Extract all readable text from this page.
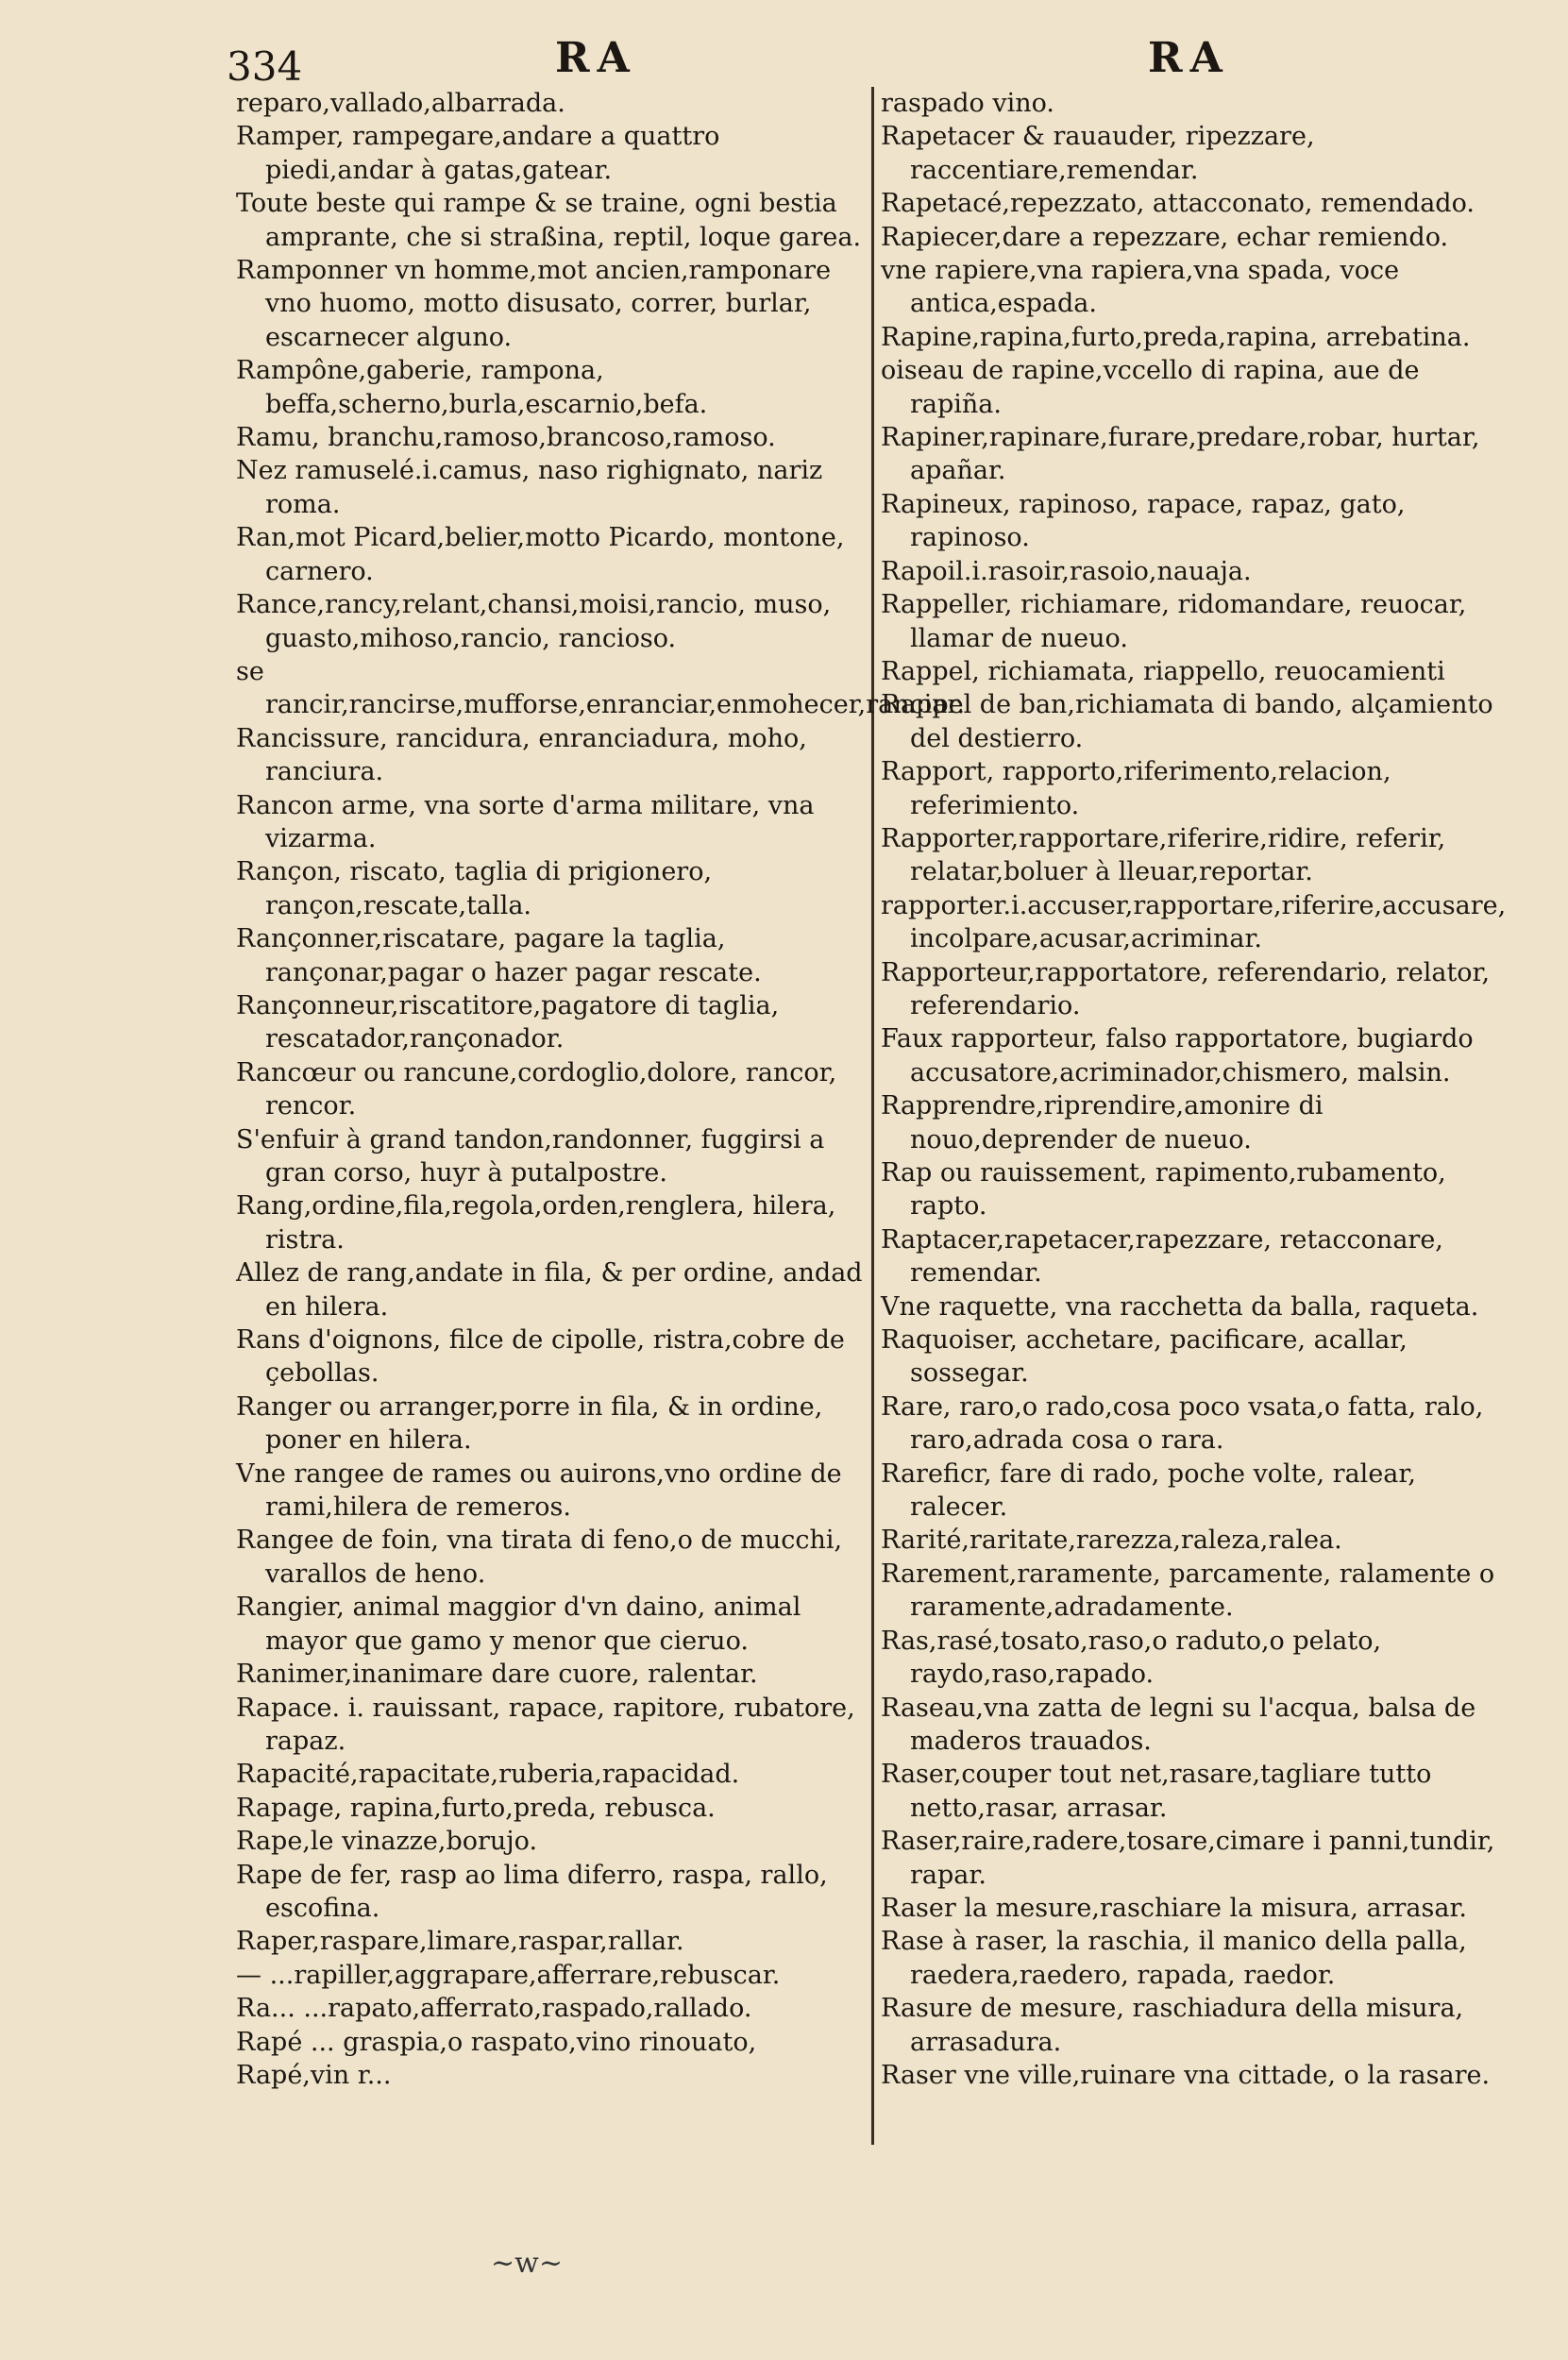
334	RA	RA
reparo,vallado,albarrada.
Ramper, rampegare,andare a quattro piedi,andar à gatas,gatear.
Toute beste qui rampe & se traine, ogni bestia amprante, che si straßina, reptil, loque garea.
Ramponner vn homme,mot ancien,ramponare vno huomo, motto disusato, correr, burlar, escarnecer alguno.
Rampône,gaberie, rampona, beffa,scherno,burla,escarnio,befa.
Ramu, branchu,ramoso,brancoso,ramoso.
Nez ramuselé.i.camus, naso righignato, nariz roma.
Ran,mot Picard,belier,motto Picardo, montone, carnero.
Rance,rancy,relant,chansi,moisi,rancio, muso, guasto,mihoso,rancio, rancioso.
se rancir,rancirse,mufforse,enranciar,enmohecer,ranciar.
Rancissure, rancidura, enranciadura, moho, ranciura.
Rancon arme, vna sorte d'arma militare, vna vizarma.
Rançon, riscato, taglia di prigionero, rançon,rescate,talla.
Rançonner,riscatare, pagare la taglia, rançonar,pagar o hazer pagar rescate.
Rançonneur,riscatitore,pagatore di taglia, rescatador,rançonador.
Rancœur ou rancune,cordoglio,dolore, rancor, rencor.
S'enfuir à grand tandon,randonner, fuggirsi a gran corso, huyr à putalpostre.
Rang,ordine,fila,regola,orden,renglera, hilera, ristra.
Allez de rang,andate in fila, & per ordine, andad en hilera.
Rans d'oignons, filce de cipolle, ristra,cobre de çebollas.
Ranger ou arranger,porre in fila, & in ordine, poner en hilera.
Vne rangee de rames ou auirons,vno ordine de rami,hilera de remeros.
Rangee de foin, vna tirata di feno,o de mucchi, varallos de heno.
Rangier, animal maggior d'vn daino, animal mayor que gamo y menor que cieruo.
Ranimer,inanimare dare cuore, ralentar.
Rapace. i. rauissant, rapace, rapitore, rubatore, rapaz.
Rapacité,rapacitate,ruberia,rapacidad.
Rapage, rapina,furto,preda, rebusca.
Rape,le vinazze,borujo.
Rape de fer, rasp ao lima diferro, raspa, rallo, escofina.
Raper,raspare,limare,raspar,rallar.
— ...rapiller,aggrapare,afferrare,rebuscar.
Ra... ...rapato,afferrato,raspado,rallado.
Rapé ... graspia,o raspato,vino rinouato,
Rapé,vin r...
raspado vino.
Rapetacer & rauauder, ripezzare, raccentiare,remendar.
Rapetacé,repezzato, attacconato, remendado.
Rapiecer,dare a repezzare, echar remiendo.
vne rapiere,vna rapiera,vna spada, voce antica,espada.
Rapine,rapina,furto,preda,rapina, arrebatina.
oiseau de rapine,vccello di rapina, aue de rapiña.
Rapiner,rapinare,furare,predare,robar, hurtar, apañar.
Rapineux, rapinoso, rapace, rapaz, gato, rapinoso.
Rapoil.i.rasoir,rasoio,nauaja.
Rappeller, richiamare, ridomandare, reuocar, llamar de nueuo.
Rappel, richiamata, riappello, reuocamienti
Rappel de ban,richiamata di bando, alçamiento del destierro.
Rapport, rapporto,riferimento,relacion, referimiento.
Rapporter,rapportare,riferire,ridire, referir, relatar,boluer à lleuar,reportar.
rapporter.i.accuser,rapportare,riferire,accusare, incolpare,acusar,acriminar.
Rapporteur,rapportatore, referendario, relator, referendario.
Faux rapporteur, falso rapportatore, bugiardo accusatore,acriminador,chismero, malsin.
Rapprendre,riprendire,amonire di nouo,deprender de nueuo.
Rap ou rauissement, rapimento,rubamento, rapto.
Raptacer,rapetacer,rapezzare, retacconare, remendar.
Vne raquette, vna racchetta da balla, raqueta.
Raquoiser, acchetare, pacificare, acallar, sossegar.
Rare, raro,o rado,cosa poco vsata,o fatta, ralo, raro,adrada cosa o rara.
Rareficr, fare di rado, poche volte, ralear, ralecer.
Rarité,raritate,rarezza,raleza,ralea.
Rarement,raramente, parcamente, ralamente o raramente,adradamente.
Ras,rasé,tosato,raso,o raduto,o pelato, raydo,raso,rapado.
Raseau,vna zatta de legni su l'acqua, balsa de maderos trauados.
Raser,couper tout net,rasare,tagliare tutto netto,rasar, arrasar.
Raser,raire,radere,tosare,cimare i panni,tundir, rapar.
Raser la mesure,raschiare la misura, arrasar.
Rase à raser, la raschia, il manico della palla, raedera,raedero, rapada, raedor.
Rasure de mesure, raschiadura della misura, arrasadura.
Raser vne ville,ruinare vna cittade, o la rasare.
~w~
